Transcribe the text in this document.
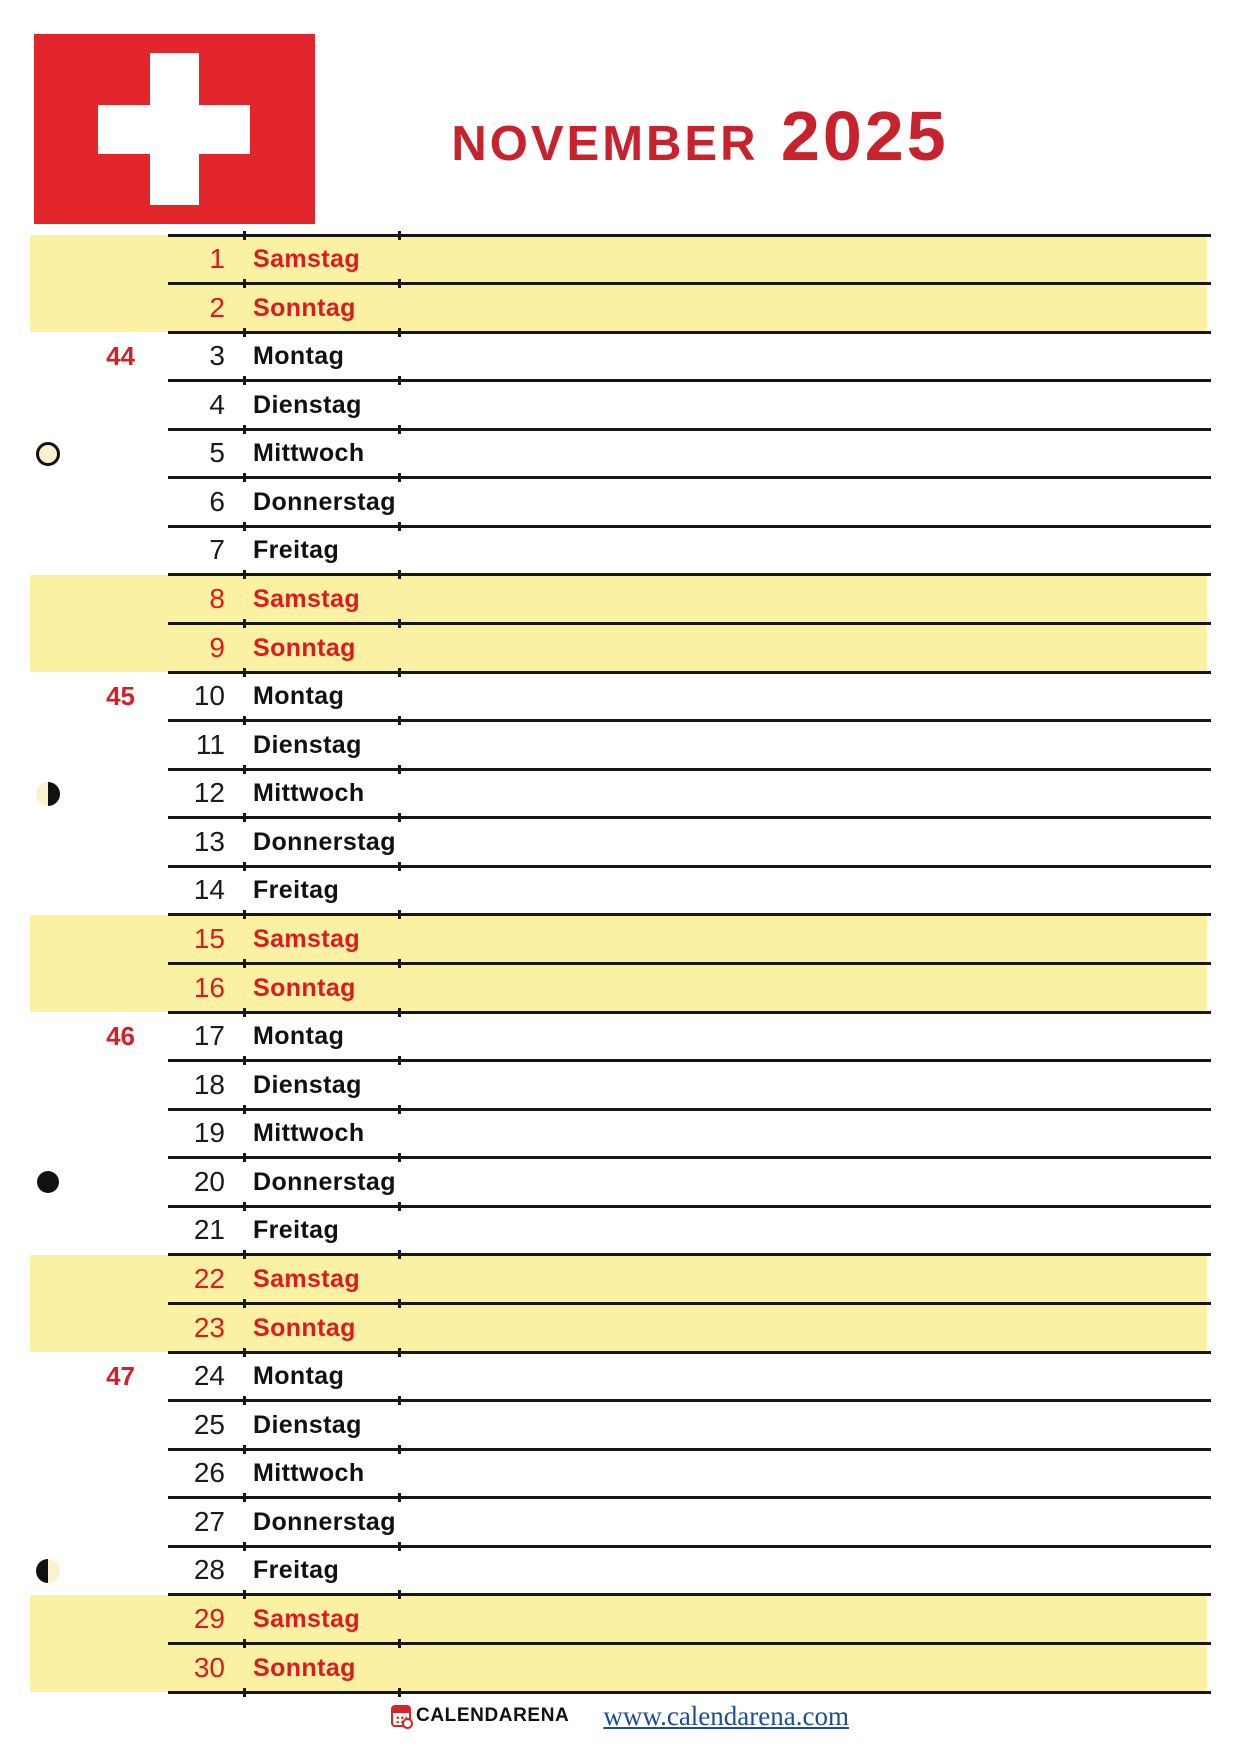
november 2025
1 Samstag
2 Sonntag
3 Montag
4 Dienstag
5 Mittwoch
6 Donnerstag
7 Freitag
8 Samstag
9 Sonntag
10 Montag
11 Dienstag
12 Mittwoch
13 Donnerstag
14 Freitag
15 Samstag
16 Sonntag
17 Montag
18 Dienstag
19 Mittwoch
20 Donnerstag
21 Freitag
22 Samstag
23 Sonntag
24 Montag
25 Dienstag
26 Mittwoch
27 Donnerstag
28 Freitag
29 Samstag
30 Sonntag
44
45
46
47
CALENDARENA www.calendarena.com
